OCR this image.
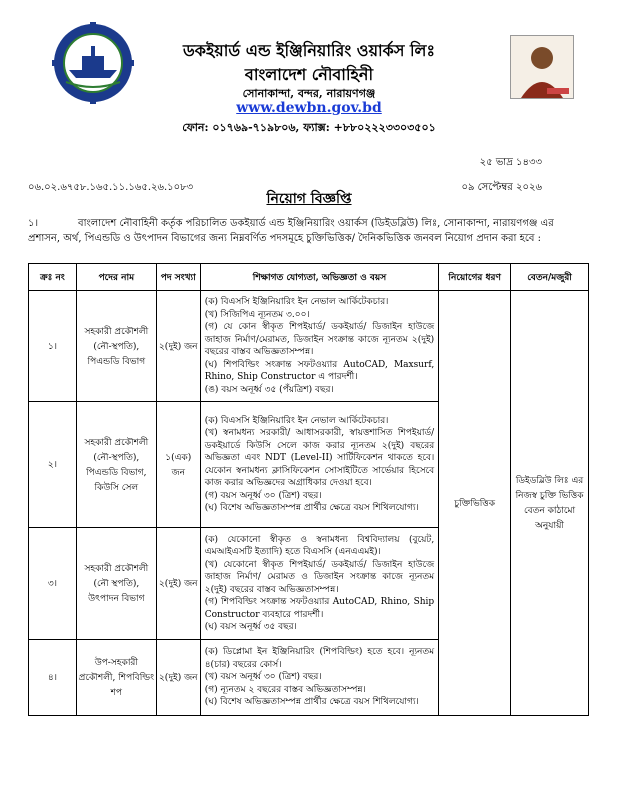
ডকইয়ার্ড এন্ড ইঞ্জিনিয়ারিং ওয়ার্কস লিঃ
বাংলাদেশ নৌবাহিনী
সোনাকান্দা, বন্দর, নারায়ণগঞ্জ
www.dewbn.gov.bd
ফোন: ০১৭৬৯-৭১৯৮০৬, ফ্যাক্স: +৮৮০২২২৩৩০৩৫০১
২৫ ভাদ্র ১৪৩৩
০৬.০২.৬৭৫৮.১৬৫.১১.১৬৫.২৬.১০৮৩	০৯ সেপ্টেম্বর ২০২৬
নিয়োগ বিজ্ঞপ্তি
১।	বাংলাদেশ নৌবাহিনী কর্তৃক পরিচালিত ডকইয়ার্ড এন্ড ইঞ্জিনিয়ারিং ওয়ার্কস (ডিইডব্লিউ) লিঃ, সোনাকান্দা, নারায়ণগঞ্জ এর প্রশাসন, অর্থ, পিএন্ডডি ও উৎপাদন বিভাগের জন্য নিম্নবর্ণিত পদসমূহে চুক্তিভিত্তিক/ দৈনিকভিত্তিক জনবল নিয়োগ প্রদান করা হবে :
ক্রঃ নং	পদের নাম	পদ সংখ্যা	শিক্ষাগত যোগ্যতা, অভিজ্ঞতা ও বয়স	নিয়োগের ধরণ	বেতন/মজুরী
১।	সহকারী প্রকৌশলী (নৌ-স্থপতি), পিএন্ডডি বিভাগ	২(দুই) জন	(ক) বিএসসি ইঞ্জিনিয়ারিং ইন নেভাল আর্কিটেকচার।
(খ) সিজিপিএ ন্যূনতম ৩.০০।
(গ) যে কোন স্বীকৃত শিপইয়ার্ড/ ডকইয়ার্ড/ ডিজাইন হাউজে জাহাজ নির্মাণ/মেরামত, ডিজাইন সংক্রান্ত কাজে ন্যূনতম ২(দুই) বছরের বাস্তব অভিজ্ঞতাসম্পন্ন।
(ঘ) শিপবিল্ডিং সংক্রান্ত সফটওয়্যার AutoCAD, Maxsurf, Rhino, Ship Constructor এ পারদর্শী।
(ঙ) বয়স অনূর্ধ্ব ৩৫ (পঁয়ত্রিশ) বছর।	চুক্তিভিত্তিক	ডিইডব্লিউ লিঃ এর নিজস্ব চুক্তি ভিত্তিক বেতন কাঠামো অনুযায়ী
২।	সহকারী প্রকৌশলী (নৌ-স্থপতি), পিএন্ডডি বিভাগ, কিউসি সেল	১(এক) জন	(ক) বিএসসি ইঞ্জিনিয়ারিং ইন নেভাল আর্কিটেকচার।
(খ) স্বনামধন্য সরকারী/ আধাসরকারী, স্বায়ত্তশাসিত শিপইয়ার্ড/ ডকইয়ার্ডে কিউসি সেলে কাজ করার ন্যূনতম ২(দুই) বছরের অভিজ্ঞতা এবং NDT (Level-II) সার্টিফিকেশন থাকতে হবে। যেকোন স্বনামধন্য ক্লাসিফিকেশন সোসাইটিতে সার্ভেয়ার হিসেবে কাজ করার অভিজ্ঞদের অগ্রাধিকার দেওয়া হবে।
(গ) বয়স অনূর্ধ্ব ৩০ (ত্রিশ) বছর।
(ঘ) বিশেষ অভিজ্ঞতাসম্পন্ন প্রার্থীর ক্ষেত্রে বয়স শিথিলযোগ্য।		

৩।	সহকারী প্রকৌশলী (নৌ স্থপতি), উৎপাদন বিভাগ	২(দুই) জন	(ক) যেকোনো স্বীকৃত ও স্বনামধন্য বিশ্ববিদ্যালয় (বুয়েট, এমআইএসটি ইত্যাদি) হতে বিএসসি (এনএএমই)।
(খ) যেকোনো স্বীকৃত শিপইয়ার্ড/ ডকইয়ার্ড/ ডিজাইন হাউজে জাহাজ নির্মাণ/ মেরামত ও ডিজাইন সংক্রান্ত কাজে ন্যূনতম ২(দুই) বছরের বাস্তব অভিজ্ঞতাসম্পন্ন।
(গ) শিপবিল্ডিং সংক্রান্ত সফটওয়্যার AutoCAD, Rhino, Ship Constructor ব্যবহারে পারদর্শী।
(ঘ) বয়স অনূর্ধ্ব ৩৫ বছর।		

৪।	উপ-সহকারী প্রকৌশলী, শিপবিল্ডিং শপ	২(দুই) জন	(ক) ডিপ্লোমা ইন ইঞ্জিনিয়ারিং (শিপবিল্ডিং) হতে হবে। ন্যূনতম ৪(চার) বছরের কোর্স।
(খ) বয়স অনূর্ধ্ব ৩০ (ত্রিশ) বছর।
(গ) ন্যূনতম ২ বছরের বাস্তব অভিজ্ঞতাসম্পন্ন।
(ঘ) বিশেষ অভিজ্ঞতাসম্পন্ন প্রার্থীর ক্ষেত্রে বয়স শিথিলযোগ্য।		
